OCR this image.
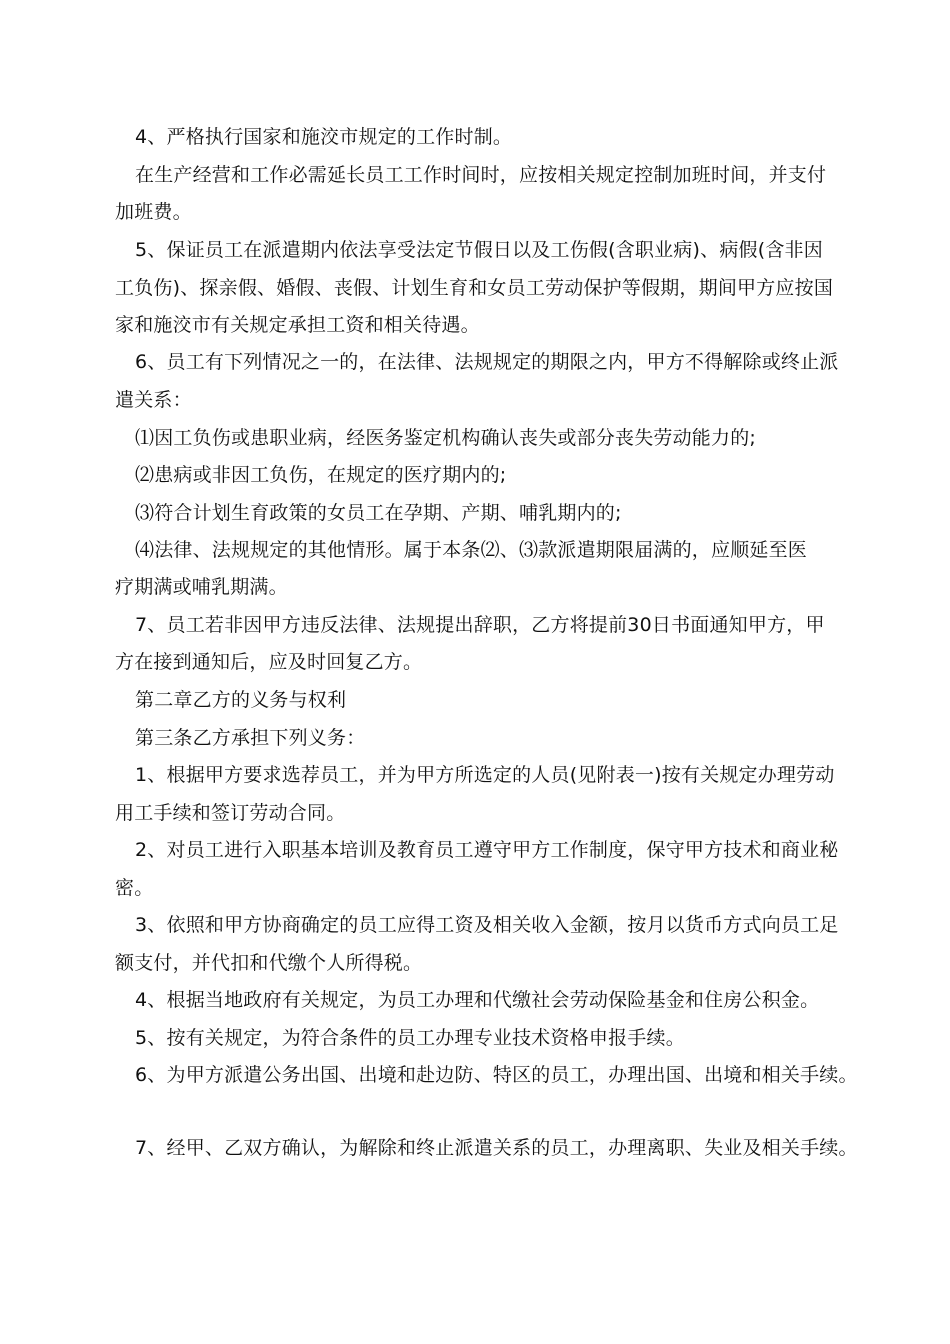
4、严格执行国家和施洨市规定的工作时制。
在生产经营和工作必需延长员工工作时间时，应按相关规定控制加班时间，并支付
加班费。
5、保证员工在派遣期内依法享受法定节假日以及工伤假(含职业病)、病假(含非因
工负伤)、探亲假、婚假、丧假、计划生育和女员工劳动保护等假期，期间甲方应按国
家和施洨市有关规定承担工资和相关待遇。
6、员工有下列情况之一的，在法律、法规规定的期限之内，甲方不得解除或终止派
遣关系：
⑴因工负伤或患职业病，经医务鉴定机构确认丧失或部分丧失劳动能力的;
⑵患病或非因工负伤，在规定的医疗期内的;
⑶符合计划生育政策的女员工在孕期、产期、哺乳期内的;
⑷法律、法规规定的其他情形。属于本条⑵、⑶款派遣期限届满的，应顺延至医
疗期满或哺乳期满。
7、员工若非因甲方违反法律、法规提出辞职，乙方将提前30日书面通知甲方，甲
方在接到通知后，应及时回复乙方。
第二章乙方的义务与权利
第三条乙方承担下列义务：
1、根据甲方要求选荐员工，并为甲方所选定的人员(见附表一)按有关规定办理劳动
用工手续和签订劳动合同。
2、对员工进行入职基本培训及教育员工遵守甲方工作制度，保守甲方技术和商业秘
密。
3、依照和甲方协商确定的员工应得工资及相关收入金额，按月以货币方式向员工足
额支付，并代扣和代缴个人所得税。
4、根据当地政府有关规定，为员工办理和代缴社会劳动保险基金和住房公积金。
5、按有关规定，为符合条件的员工办理专业技术资格申报手续。
6、为甲方派遣公务出国、出境和赴边防、特区的员工，办理出国、出境和相关手续。
7、经甲、乙双方确认，为解除和终止派遣关系的员工，办理离职、失业及相关手续。
